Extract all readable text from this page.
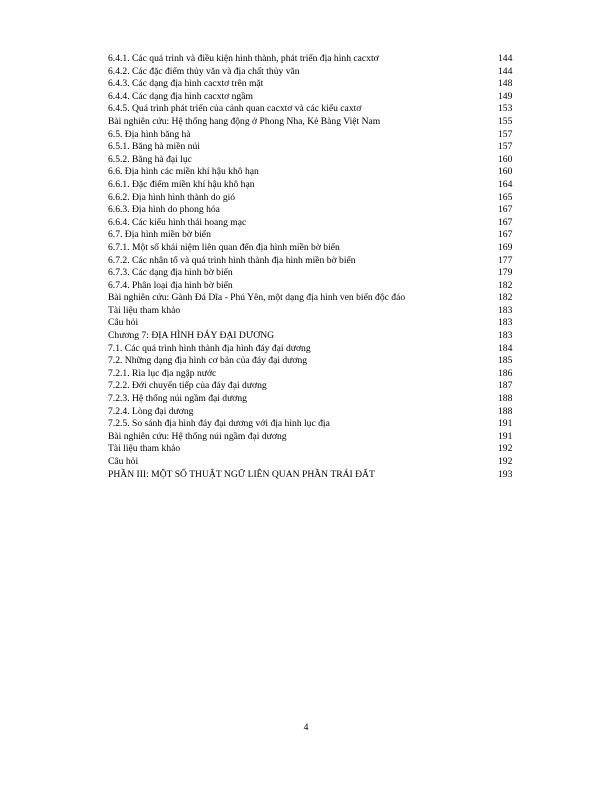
6.4.1. Các quá trình và điều kiện hình thành, phát triển địa hình cacxtơ	144
6.4.2. Các đặc điểm thủy văn và địa chất thủy văn	144
6.4.3. Các dạng địa hình cacxtơ trên mặt	148
6.4.4. Các dạng địa hình cacxtơ ngầm	149
6.4.5. Quá trình phát triển của cảnh quan cacxtơ và các kiểu caxtơ	153
Bài nghiên cứu: Hệ thống hang động ở Phong Nha, Kẻ Bàng Việt Nam	155
6.5. Địa hình băng hà	157
6.5.1. Băng hà miền núi	157
6.5.2. Băng hà đại lục	160
6.6. Địa hình các miền khí hậu khô hạn	160
6.6.1. Đặc điểm miền khí hậu khô hạn	164
6.6.2. Địa hình hình thành do gió	165
6.6.3. Địa hình do phong hóa	167
6.6.4. Các kiểu hình thái hoang mạc	167
6.7. Địa hình miền bờ biển	167
6.7.1. Một số khái niệm liên quan đến địa hình miền bờ biển	169
6.7.2. Các nhân tố và quá trình hình thành địa hình miền bờ biển	177
6.7.3. Các dạng địa hình bờ biển	179
6.7.4. Phân loại địa hình bờ biển	182
Bài nghiên cứu: Gành Đá Dĩa - Phú Yên, một dạng địa hình ven biển độc đáo	182
Tài liệu tham khảo	183
Câu hỏi	183
Chương 7: ĐỊA HÌNH ĐÁY ĐẠI DƯƠNG	183
7.1. Các quá trình hình thành địa hình đáy đại dương	184
7.2. Những dạng địa hình cơ bản của đáy đại dương	185
7.2.1. Rìa lục địa ngập nước	186
7.2.2. Đới chuyển tiếp của đáy đại dương	187
7.2.3. Hệ thống núi ngầm đại dương	188
7.2.4. Lòng đại dương	188
7.2.5. So sánh địa hình đáy đại dương với địa hình lục địa	191
Bài nghiên cứu: Hệ thống núi ngầm đại dương	191
Tài liệu tham khảo	192
Câu hỏi	192
PHẦN III: MỘT SỐ THUẬT NGỮ LIÊN QUAN PHẦN TRÁI ĐẤT	193
4
